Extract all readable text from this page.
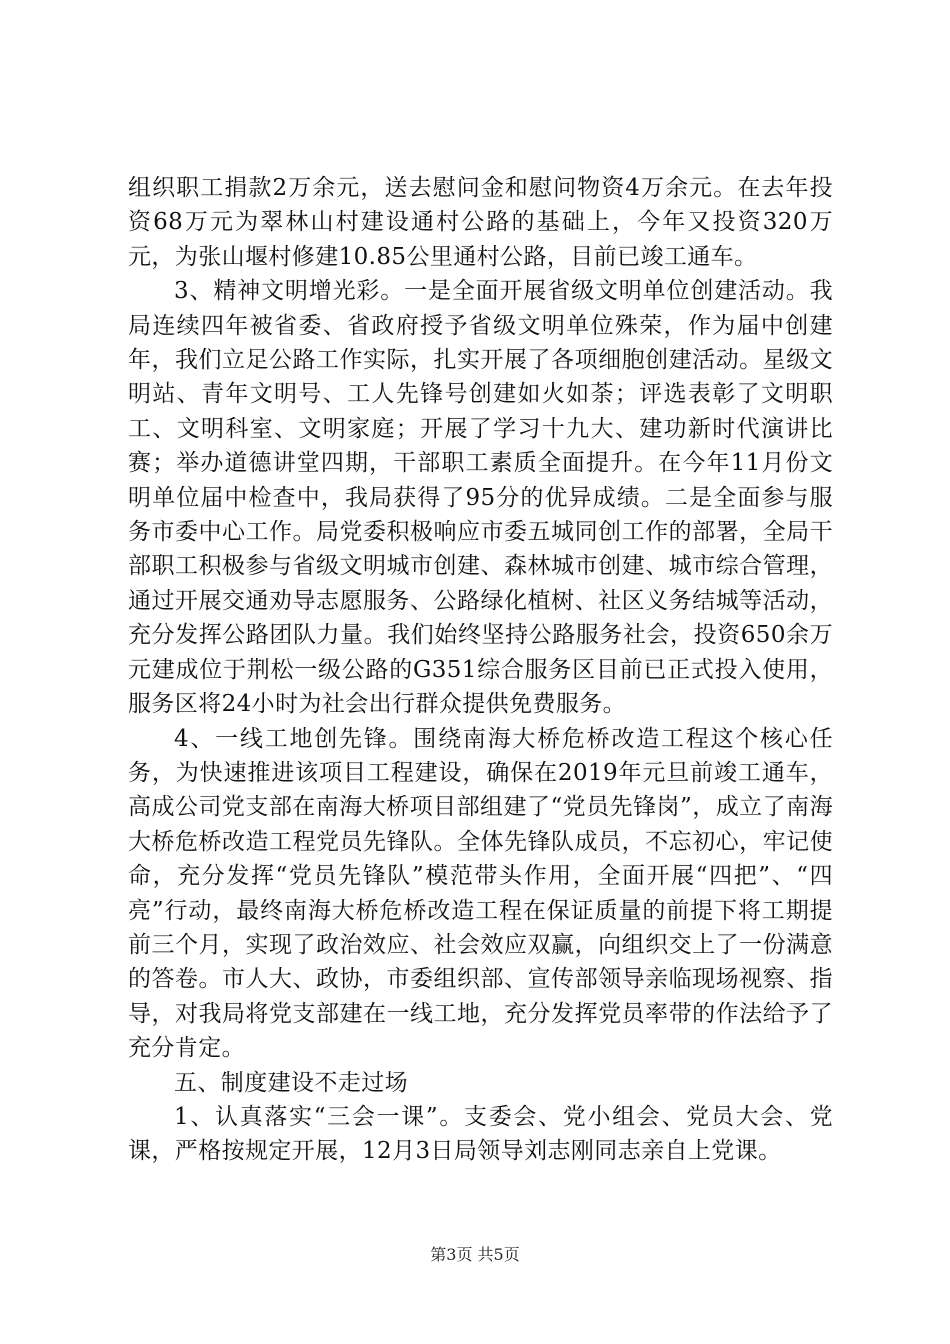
组织职工捐款2万余元，送去慰问金和慰问物资4万余元。在去年投资68万元为翠林山村建设通村公路的基础上，今年又投资320万元，为张山堰村修建10.85公里通村公路，目前已竣工通车。

3、精神文明增光彩。一是全面开展省级文明单位创建活动。我局连续四年被省委、省政府授予省级文明单位殊荣，作为届中创建年，我们立足公路工作实际，扎实开展了各项细胞创建活动。星级文明站、青年文明号、工人先锋号创建如火如荼；评选表彰了文明职工、文明科室、文明家庭；开展了学习十九大、建功新时代演讲比赛；举办道德讲堂四期，干部职工素质全面提升。在今年11月份文明单位届中检查中，我局获得了95分的优异成绩。二是全面参与服务市委中心工作。局党委积极响应市委五城同创工作的部署，全局干部职工积极参与省级文明城市创建、森林城市创建、城市综合管理，通过开展交通劝导志愿服务、公路绿化植树、社区义务结城等活动，充分发挥公路团队力量。我们始终坚持公路服务社会，投资650余万元建成位于荆松一级公路的G351综合服务区目前已正式投入使用，服务区将24小时为社会出行群众提供免费服务。

4、一线工地创先锋。围绕南海大桥危桥改造工程这个核心任务，为快速推进该项目工程建设，确保在2019年元旦前竣工通车，高成公司党支部在南海大桥项目部组建了“党员先锋岗”，成立了南海大桥危桥改造工程党员先锋队。全体先锋队成员，不忘初心，牢记使命，充分发挥“党员先锋队”模范带头作用，全面开展“四把”、“四亮”行动，最终南海大桥危桥改造工程在保证质量的前提下将工期提前三个月，实现了政治效应、社会效应双赢，向组织交上了一份满意的答卷。市人大、政协，市委组织部、宣传部领导亲临现场视察、指导，对我局将党支部建在一线工地，充分发挥党员率带的作法给予了充分肯定。

五、制度建设不走过场

1、认真落实“三会一课”。支委会、党小组会、党员大会、党课，严格按规定开展，12月3日局领导刘志刚同志亲自上党课。

第3页 共5页
